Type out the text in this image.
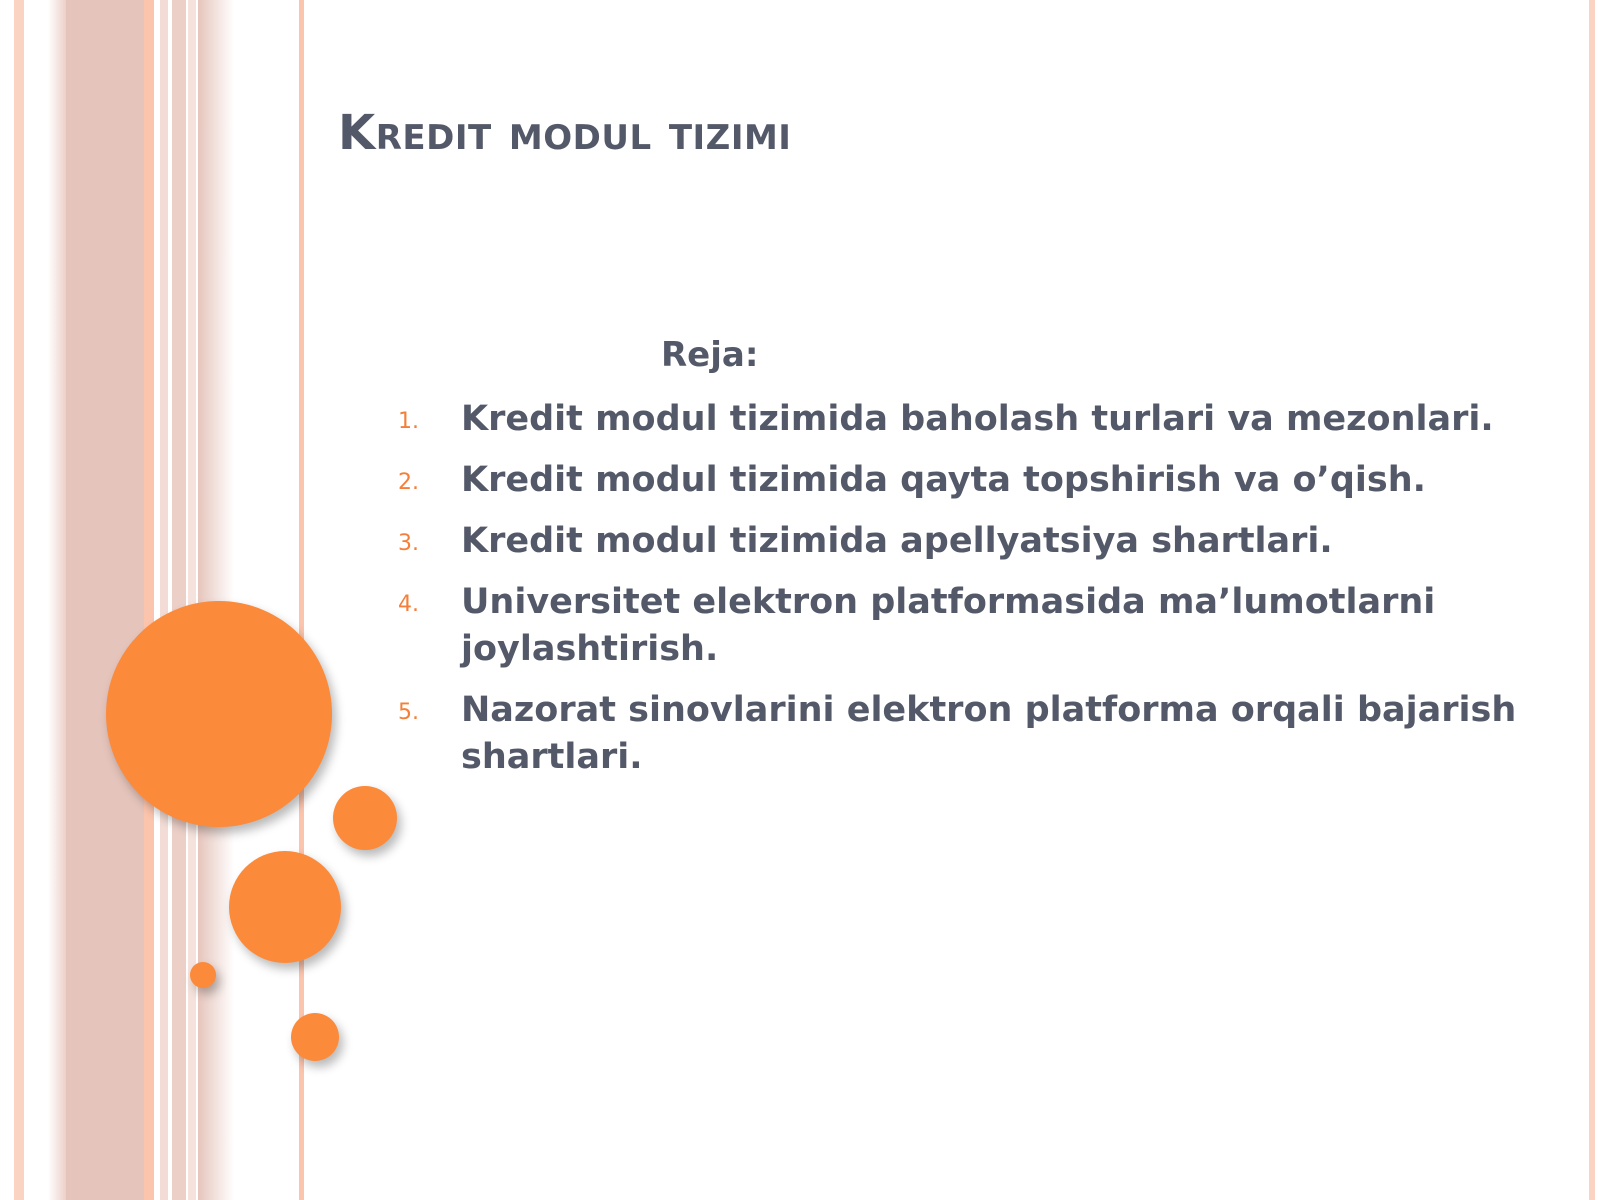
Kredit modul tizimi
Reja:
1. Kredit modul tizimida baholash turlari va mezonlari.
2. Kredit modul tizimida qayta topshirish va o’qish.
3. Kredit modul tizimida apellyatsiya shartlari.
4. Universitet elektron platformasida ma’lumotlarni joylashtirish.
5. Nazorat sinovlarini elektron platforma orqali bajarish shartlari.
